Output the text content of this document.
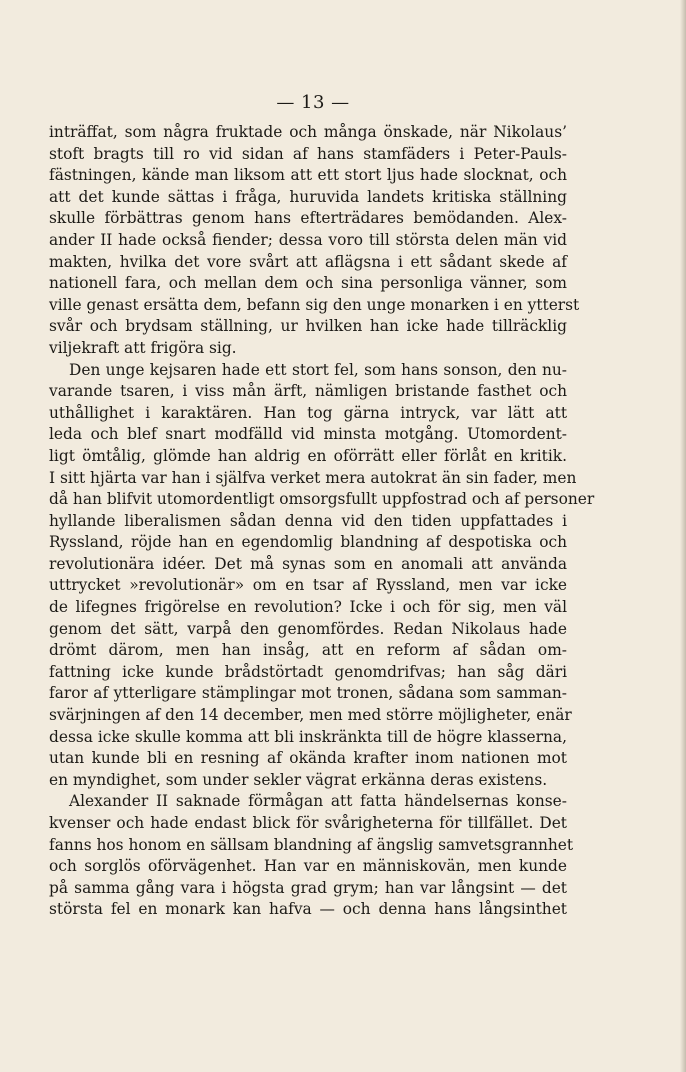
— 13 —
inträffat, som några fruktade och många önskade, när Nikolaus’
stoft bragts till ro vid sidan af hans stamfäders i Peter-Pauls-
fästningen, kände man liksom att ett stort ljus hade slocknat, och
att det kunde sättas i fråga, huruvida landets kritiska ställning
skulle förbättras genom hans efterträdares bemödanden. Alex-
ander II hade också fiender; dessa voro till största delen män vid
makten, hvilka det vore svårt att aflägsna i ett sådant skede af
nationell fara, och mellan dem och sina personliga vänner, som
ville genast ersätta dem, befann sig den unge monarken i en ytterst
svår och brydsam ställning, ur hvilken han icke hade tillräcklig
viljekraft att frigöra sig.
Den unge kejsaren hade ett stort fel, som hans sonson, den nu-
varande tsaren, i viss mån ärft, nämligen bristande fasthet och
uthållighet i karaktären. Han tog gärna intryck, var lätt att
leda och blef snart modfälld vid minsta motgång. Utomordent-
ligt ömtålig, glömde han aldrig en oförrätt eller förlåt en kritik.
I sitt hjärta var han i själfva verket mera autokrat än sin fader, men
då han blifvit utomordentligt omsorgsfullt uppfostrad och af personer
hyllande liberalismen sådan denna vid den tiden uppfattades i
Ryssland, röjde han en egendomlig blandning af despotiska och
revolutionära idéer. Det må synas som en anomali att använda
uttrycket »revolutionär» om en tsar af Ryssland, men var icke
de lifegnes frigörelse en revolution? Icke i och för sig, men väl
genom det sätt, varpå den genomfördes. Redan Nikolaus hade
drömt därom, men han insåg, att en reform af sådan om-
fattning icke kunde brådstörtadt genomdrifvas; han såg däri
faror af ytterligare stämplingar mot tronen, sådana som samman-
svärjningen af den 14 december, men med större möjligheter, enär
dessa icke skulle komma att bli inskränkta till de högre klasserna,
utan kunde bli en resning af okända krafter inom nationen mot
en myndighet, som under sekler vägrat erkänna deras existens.
Alexander II saknade förmågan att fatta händelsernas konse-
kvenser och hade endast blick för svårigheterna för tillfället. Det
fanns hos honom en sällsam blandning af ängslig samvetsgrannhet
och sorglös oförvägenhet. Han var en människovän, men kunde
på samma gång vara i högsta grad grym; han var långsint — det
största fel en monark kan hafva — och denna hans långsinthet
